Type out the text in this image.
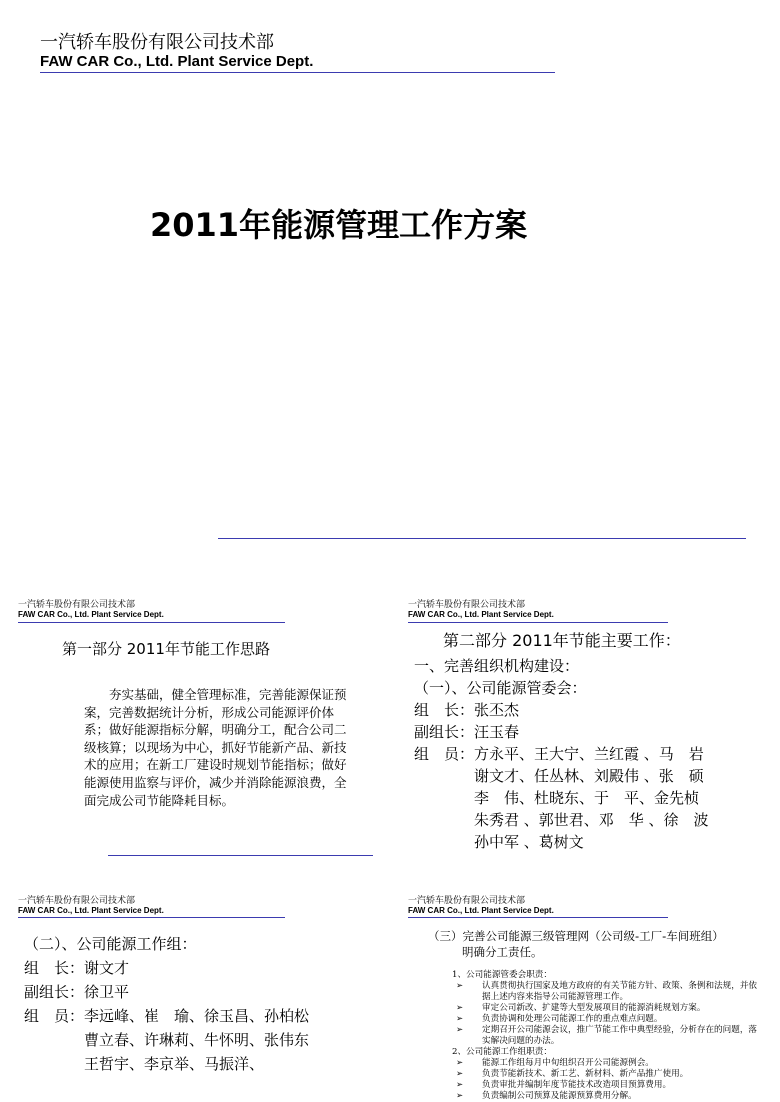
一汽轿车股份有限公司技术部
FAW CAR Co., Ltd. Plant Service Dept.
2011年能源管理工作方案
一汽轿车股份有限公司技术部
FAW CAR Co., Ltd. Plant Service Dept.
第一部分 2011年节能工作思路
夯实基础，健全管理标准，完善能源保证预案，完善数据统计分析，形成公司能源评价体系；做好能源指标分解，明确分工，配合公司二级核算；以现场为中心，抓好节能新产品、新技术的应用；在新工厂建设时规划节能指标；做好能源使用监察与评价，减少并消除能源浪费，全面完成公司节能降耗目标。
一汽轿车股份有限公司技术部
FAW CAR Co., Ltd. Plant Service Dept.
第二部分 2011年节能主要工作：
一、完善组织机构建设：
（一）、公司能源管委会：
组　长： 张丕杰
副组长： 汪玉春
组　员： 方永平、王大宁、兰红霞 、马　岩
谢文才、任丛林、刘殿伟 、张　硕
李　伟、杜晓东、于　平、金先桢
朱秀君 、郭世君、邓　华 、徐　波
孙中军 、葛树文
一汽轿车股份有限公司技术部
FAW CAR Co., Ltd. Plant Service Dept.
（二）、公司能源工作组：
组　长： 谢文才
副组长： 徐卫平
组　员： 李远峰、崔　瑜、徐玉昌、孙柏松
曹立春、许琳莉、牛怀明、张伟东
王哲宇、李京举、马振洋、
一汽轿车股份有限公司技术部
FAW CAR Co., Ltd. Plant Service Dept.
（三）完善公司能源三级管理网（公司级-工厂-车间班组）
明确分工责任。
1、公司能源管委会职责：
➢	认真贯彻执行国家及地方政府的有关节能方针、政策、条例和法规，并依据上述内容来指导公司能源管理工作。
➢	审定公司新改、扩建等大型发展项目的能源消耗规划方案。
➢	负责协调和处理公司能源工作的重点难点问题。
➢	定期召开公司能源会议，推广节能工作中典型经验，分析存在的问题，落实解决问题的办法。
2、公司能源工作组职责：
➢	能源工作组每月中旬组织召开公司能源例会。
➢	负责节能新技术、新工艺、新材料、新产品推广使用。
➢	负责审批并编制年度节能技术改造项目预算费用。
➢	负责编制公司预算及能源预算费用分解。
